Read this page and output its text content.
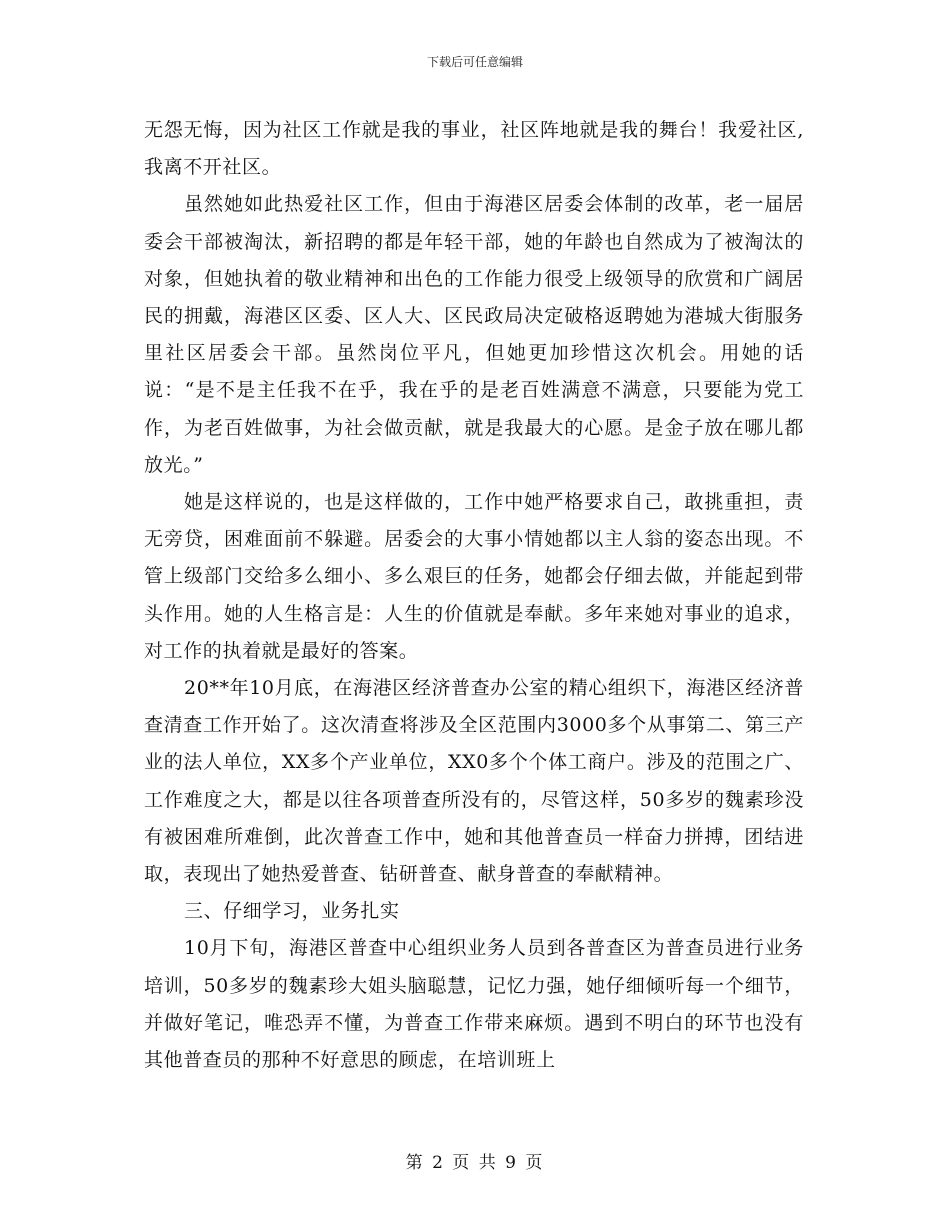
下载后可任意编辑

无怨无悔，因为社区工作就是我的事业，社区阵地就是我的舞台！我爱社区,我离不开社区。

虽然她如此热爱社区工作，但由于海港区居委会体制的改革，老一届居委会干部被淘汰，新招聘的都是年轻干部，她的年龄也自然成为了被淘汰的对象，但她执着的敬业精神和出色的工作能力很受上级领导的欣赏和广阔居民的拥戴，海港区区委、区人大、区民政局决定破格返聘她为港城大街服务里社区居委会干部。虽然岗位平凡，但她更加珍惜这次机会。用她的话说：“是不是主任我不在乎，我在乎的是老百姓满意不满意，只要能为党工作，为老百姓做事，为社会做贡献，就是我最大的心愿。是金子放在哪儿都放光。”

她是这样说的，也是这样做的，工作中她严格要求自己，敢挑重担，责无旁贷，困难面前不躲避。居委会的大事小情她都以主人翁的姿态出现。不管上级部门交给多么细小、多么艰巨的任务，她都会仔细去做，并能起到带头作用。她的人生格言是：人生的价值就是奉献。多年来她对事业的追求，对工作的执着就是最好的答案。

20**年10月底，在海港区经济普查办公室的精心组织下，海港区经济普查清查工作开始了。这次清查将涉及全区范围内3000多个从事第二、第三产业的法人单位，XX多个产业单位，XX0多个个体工商户。涉及的范围之广、工作难度之大，都是以往各项普查所没有的，尽管这样，50多岁的魏素珍没有被困难所难倒，此次普查工作中，她和其他普查员一样奋力拼搏，团结进取，表现出了她热爱普查、钻研普查、献身普查的奉献精神。

三、仔细学习，业务扎实

10月下旬，海港区普查中心组织业务人员到各普查区为普查员进行业务培训，50多岁的魏素珍大姐头脑聪慧，记忆力强，她仔细倾听每一个细节，并做好笔记，唯恐弄不懂，为普查工作带来麻烦。遇到不明白的环节也没有其他普查员的那种不好意思的顾虑，在培训班上

第 2 页 共 9 页
